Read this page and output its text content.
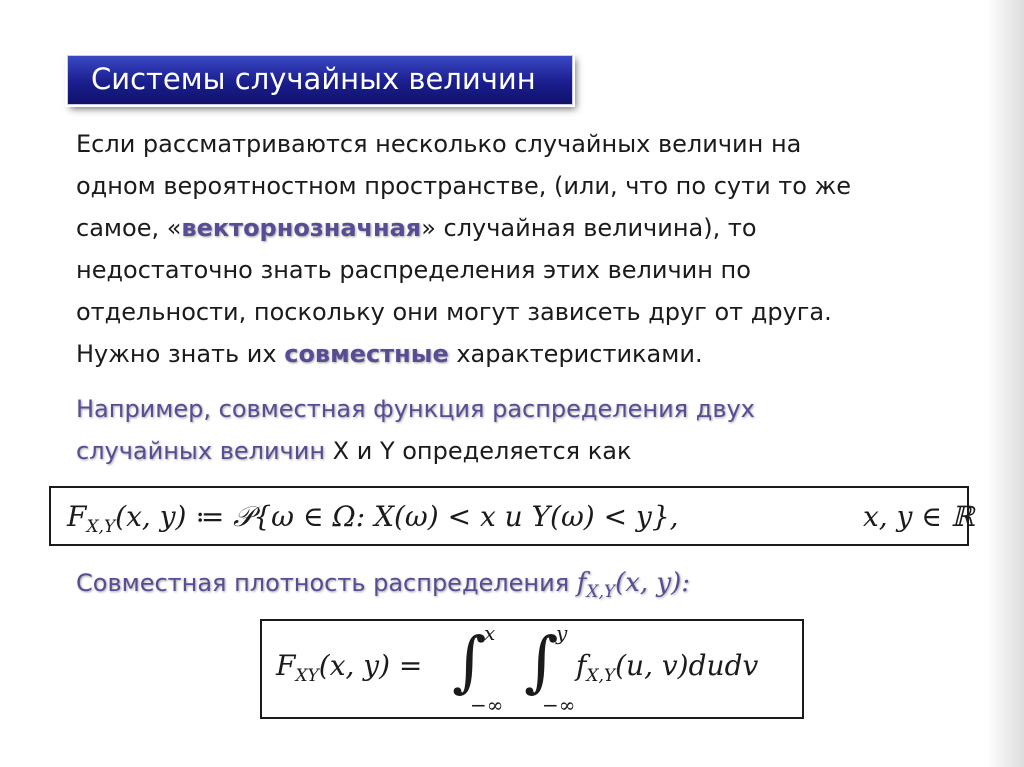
Системы случайных величин
Если рассматриваются несколько случайных величин на
одном вероятностном пространстве, (или, что по сути то же
самое, «векторнозначная» случайная величина), то
недостаточно знать распределения этих величин по
отдельности, поскольку они могут зависеть друг от друга.
Нужно знать их совместные характеристиками.
Например, совместная функция распределения двух
случайных величин X и Y определяется как
$F_{X,Y}(x$, y) ≔ 𝒫{ω ∈ Ω: X(ω) < x и Y(ω) < y},	x, y ∈ ℝ
Совместная плотность распределения $f_{X,Y}(x$, y):
$F_{XY}(x$, y) = ∫
x
−∞
∫
y
−∞
$f_{X,Y}(u$, v)dudv
